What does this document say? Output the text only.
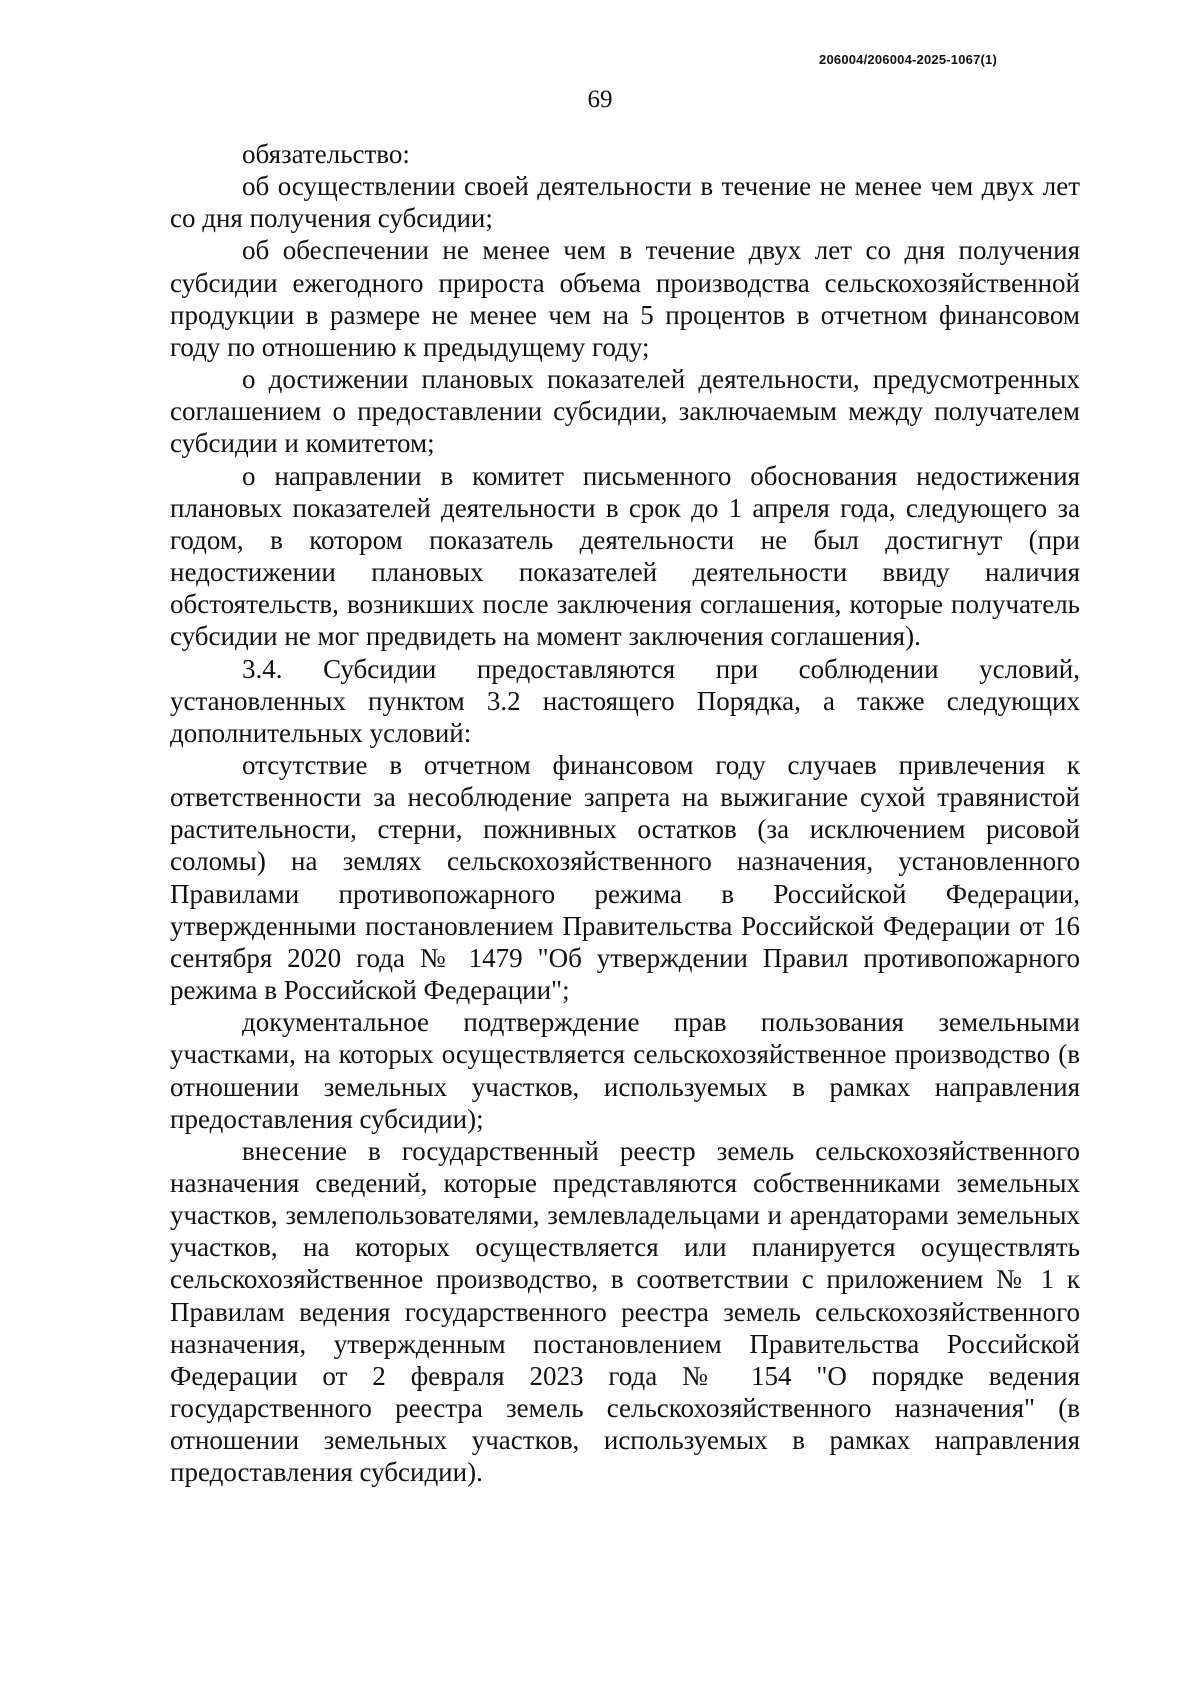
206004/206004-2025-1067(1)
69

обязательство:

об осуществлении своей деятельности в течение не менее чем двух лет со дня получения субсидии;

об обеспечении не менее чем в течение двух лет со дня получения субсидии ежегодного прироста объема производства сельскохозяйственной продукции в размере не менее чем на 5 процентов в отчетном финансовом году по отношению к предыдущему году;

о достижении плановых показателей деятельности, предусмотренных соглашением о предоставлении субсидии, заключаемым между получателем субсидии и комитетом;

о направлении в комитет письменного обоснования недостижения плановых показателей деятельности в срок до 1 апреля года, следующего за годом, в котором показатель деятельности не был достигнут (при недостижении плановых показателей деятельности ввиду наличия обстоятельств, возникших после заключения соглашения, которые получатель субсидии не мог предвидеть на момент заключения соглашения).

3.4. Субсидии предоставляются при соблюдении условий, установленных пунктом 3.2 настоящего Порядка, а также следующих дополнительных условий:

отсутствие в отчетном финансовом году случаев привлечения к ответственности за несоблюдение запрета на выжигание сухой травянистой растительности, стерни, пожнивных остатков (за исключением рисовой соломы) на землях сельскохозяйственного назначения, установленного Правилами противопожарного режима в Российской Федерации, утвержденными постановлением Правительства Российской Федерации от 16 сентября 2020 года № 1479 "Об утверждении Правил противопожарного режима в Российской Федерации";

документальное подтверждение прав пользования земельными участками, на которых осуществляется сельскохозяйственное производство (в отношении земельных участков, используемых в рамках направления предоставления субсидии);

внесение в государственный реестр земель сельскохозяйственного назначения сведений, которые представляются собственниками земельных участков, землепользователями, землевладельцами и арендаторами земельных участков, на которых осуществляется или планируется осуществлять сельскохозяйственное производство, в соответствии с приложением № 1 к Правилам ведения государственного реестра земель сельскохозяйственного назначения, утвержденным постановлением Правительства Российской Федерации от 2 февраля 2023 года № 154 "О порядке ведения государственного реестра земель сельскохозяйственного назначения" (в отношении земельных участков, используемых в рамках направления предоставления субсидии).
